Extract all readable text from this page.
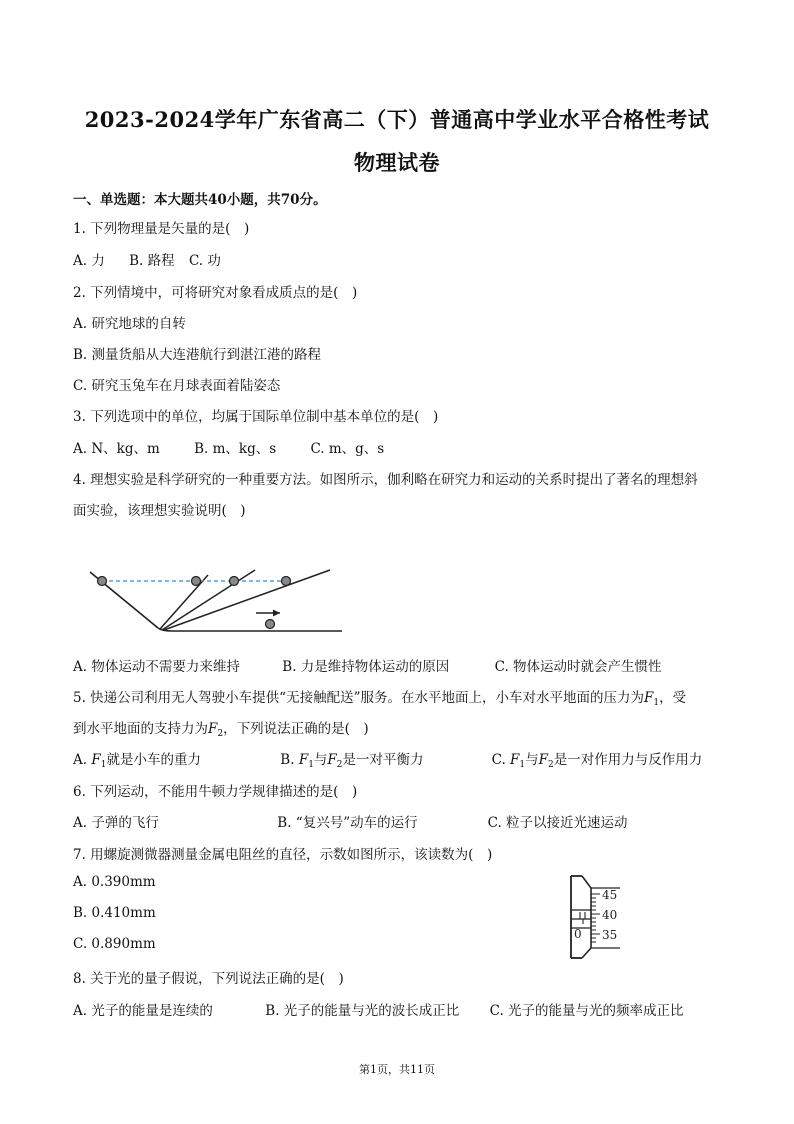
2023-2024学年广东省高二（下）普通高中学业水平合格性考试
物理试卷
一、单选题：本大题共40小题，共70分。
1. 下列物理量是矢量的是(　)
A. 力 B. 路程 C. 功
2. 下列情境中，可将研究对象看成质点的是(　)
A. 研究地球的自转
B. 测量货船从大连港航行到湛江港的路程
C. 研究玉兔车在月球表面着陆姿态
3. 下列选项中的单位，均属于国际单位制中基本单位的是(　)
A. N、kg、m	B. m、kg、s	C. m、g、s
4. 理想实验是科学研究的一种重要方法。如图所示，伽利略在研究力和运动的关系时提出了著名的理想斜
面实验，该理想实验说明(　)
A. 物体运动不需要力来维持	B. 力是维持物体运动的原因	C. 物体运动时就会产生惯性
5. 快递公司利用无人驾驶小车提供“无接触配送”服务。在水平地面上，小车对水平地面的压力为$F_1$，受
到水平地面的支持力为$F_2$，下列说法正确的是(　)
A. $F_1$就是小车的重力	B. $F_1$与$F_2$是一对平衡力	C. $F_1$与$F_2$是一对作用力与反作用力
6. 下列运动，不能用牛顿力学规律描述的是(　)
A. 子弹的飞行	B. “复兴号”动车的运行	C. 粒子以接近光速运动
7. 用螺旋测微器测量金属电阻丝的直径，示数如图所示，该读数为(　)
A. 0.390mm
B. 0.410mm
C. 0.890mm
0
45
40
35
8. 关于光的量子假说，下列说法正确的是(　)
A. 光子的能量是连续的	B. 光子的能量与光的波长成正比 C. 光子的能量与光的频率成正比
第1页，共11页
